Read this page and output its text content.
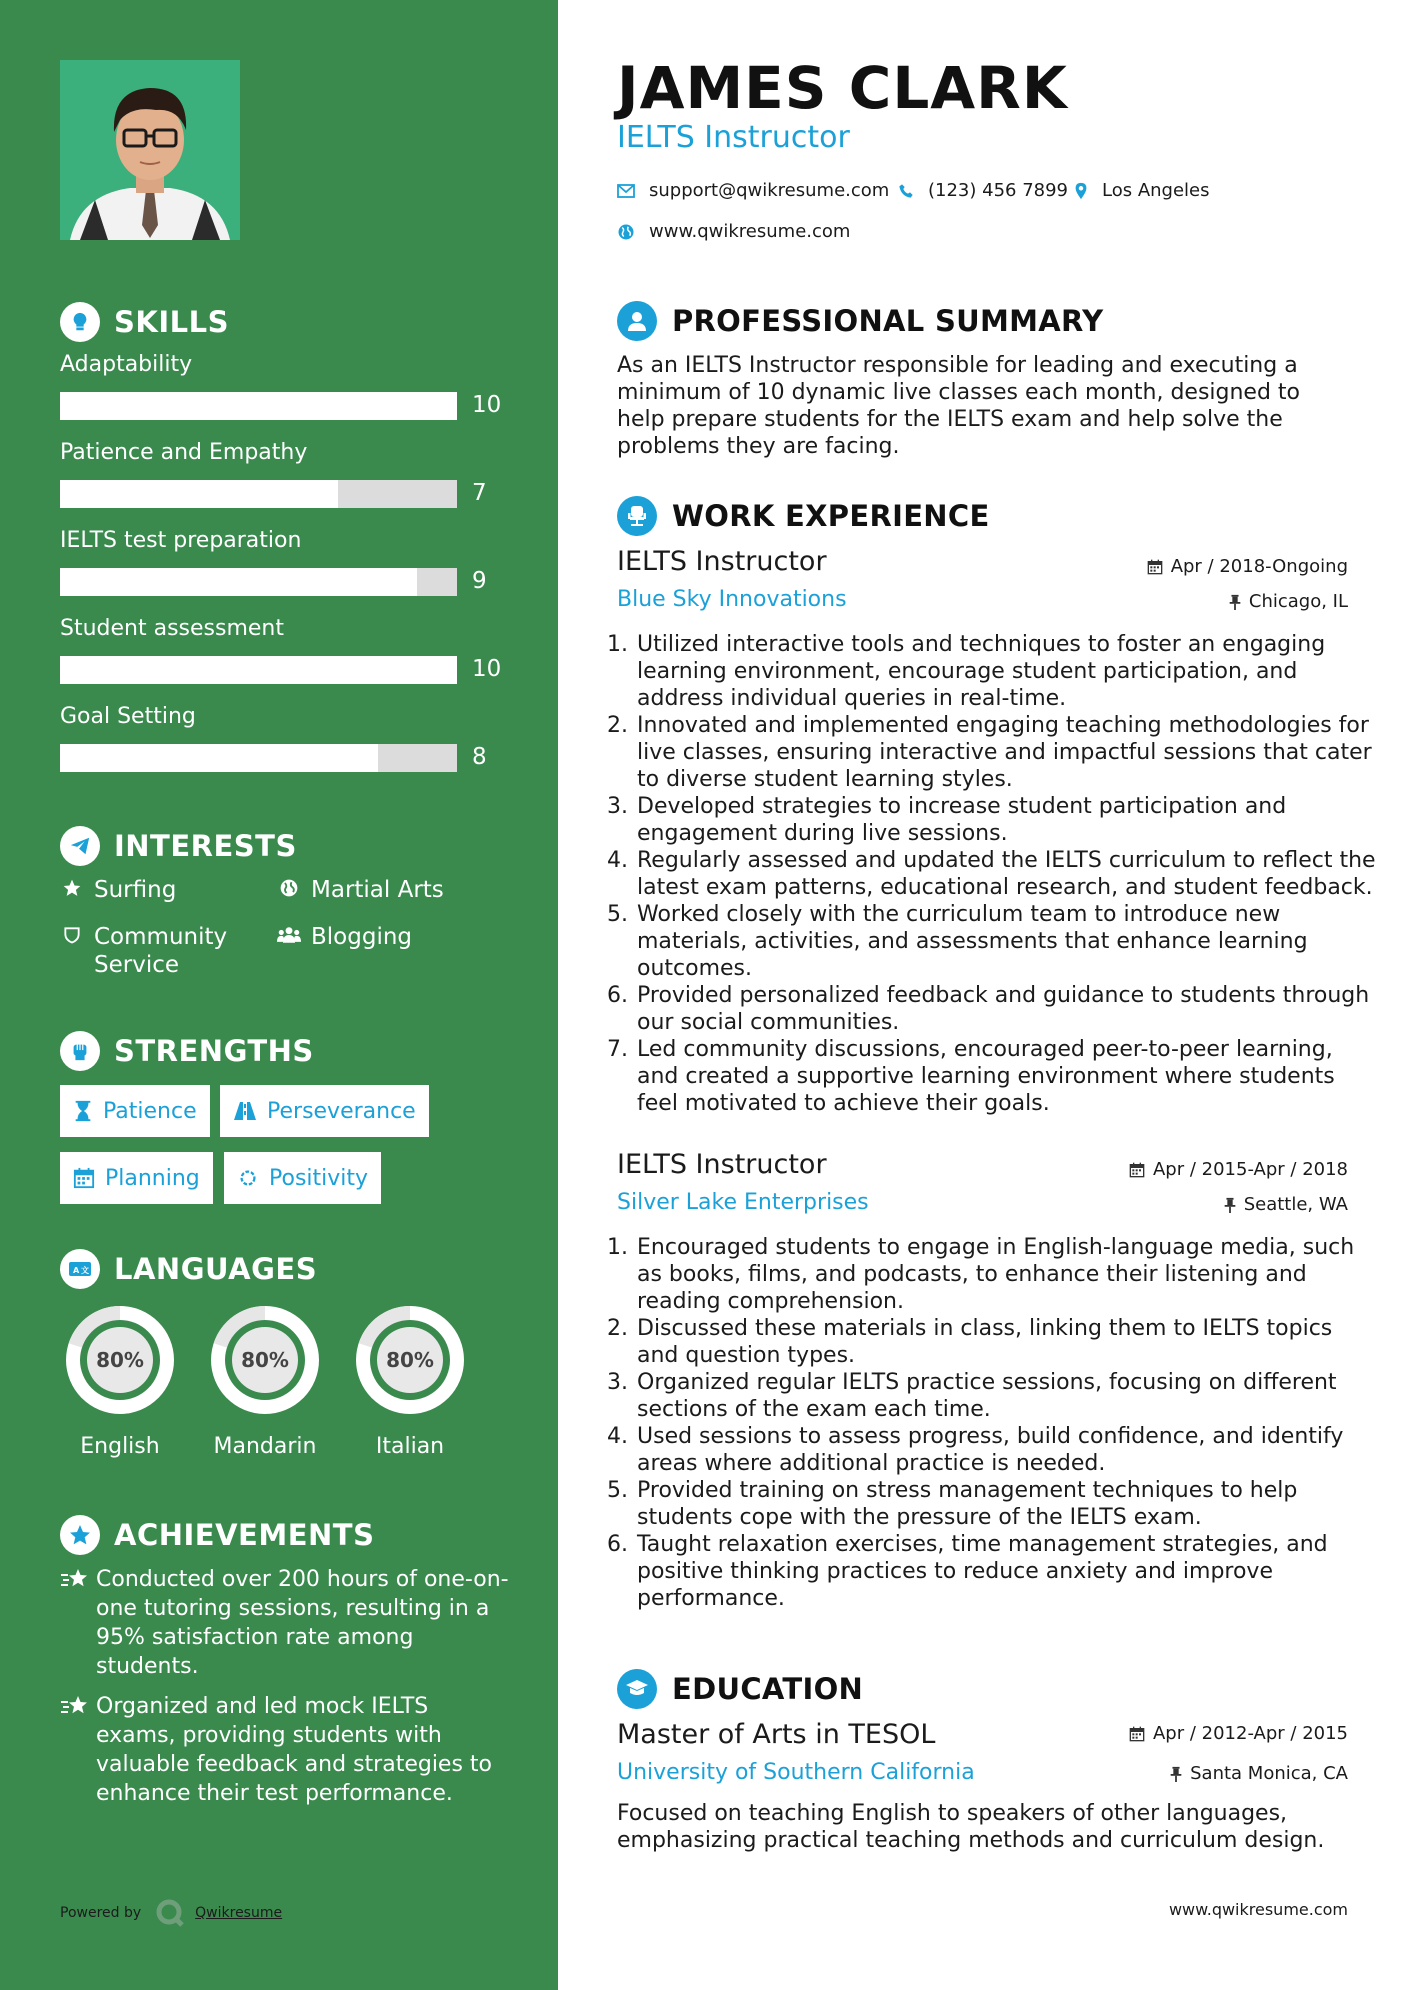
SKILLS
Adaptability
10
Patience and Empathy
7
IELTS test preparation
9
Student assessment
10
Goal Setting
8
INTERESTS
Surfing	Martial Arts
Community Service
Blogging
STRENGTHS
Patience	Perseverance
Planning	Positivity
A 文 LANGUAGES
80%
English
80%
Mandarin
80%
Italian
ACHIEVEMENTS
Conducted over 200 hours of one-on-one tutoring sessions, resulting in a 95% satisfaction rate among students.
Organized and led mock IELTS exams, providing students with valuable feedback and strategies to enhance their test performance.
Powered by	Qwikresume
JAMES CLARK
IELTS Instructor
support@qwikresume.com (123) 456 7899 Los Angeles
www.qwikresume.com
PROFESSIONAL SUMMARY
As an IELTS Instructor responsible for leading and executing a minimum of 10 dynamic live classes each month, designed to help prepare students for the IELTS exam and help solve the problems they are facing.
WORK EXPERIENCE
IELTS Instructor	Apr / 2018-Ongoing
Blue Sky Innovations	Chicago, IL
1. Utilized interactive tools and techniques to foster an engaging learning environment, encourage student participation, and address individual queries in real-time.
2. Innovated and implemented engaging teaching methodologies for live classes, ensuring interactive and impactful sessions that cater to diverse student learning styles.
3. Developed strategies to increase student participation and engagement during live sessions.
4. Regularly assessed and updated the IELTS curriculum to reflect the latest exam patterns, educational research, and student feedback.
5. Worked closely with the curriculum team to introduce new materials, activities, and assessments that enhance learning outcomes.
6. Provided personalized feedback and guidance to students through our social communities.
7. Led community discussions, encouraged peer-to-peer learning, and created a supportive learning environment where students feel motivated to achieve their goals.
IELTS Instructor	Apr / 2015-Apr / 2018
Silver Lake Enterprises	Seattle, WA
1. Encouraged students to engage in English-language media, such as books, films, and podcasts, to enhance their listening and reading comprehension.
2. Discussed these materials in class, linking them to IELTS topics and question types.
3. Organized regular IELTS practice sessions, focusing on different sections of the exam each time.
4. Used sessions to assess progress, build confidence, and identify areas where additional practice is needed.
5. Provided training on stress management techniques to help students cope with the pressure of the IELTS exam.
6. Taught relaxation exercises, time management strategies, and positive thinking practices to reduce anxiety and improve performance.
EDUCATION
Master of Arts in TESOL	Apr / 2012-Apr / 2015
University of Southern California	Santa Monica, CA
Focused on teaching English to speakers of other languages, emphasizing practical teaching methods and curriculum design.
www.qwikresume.com
